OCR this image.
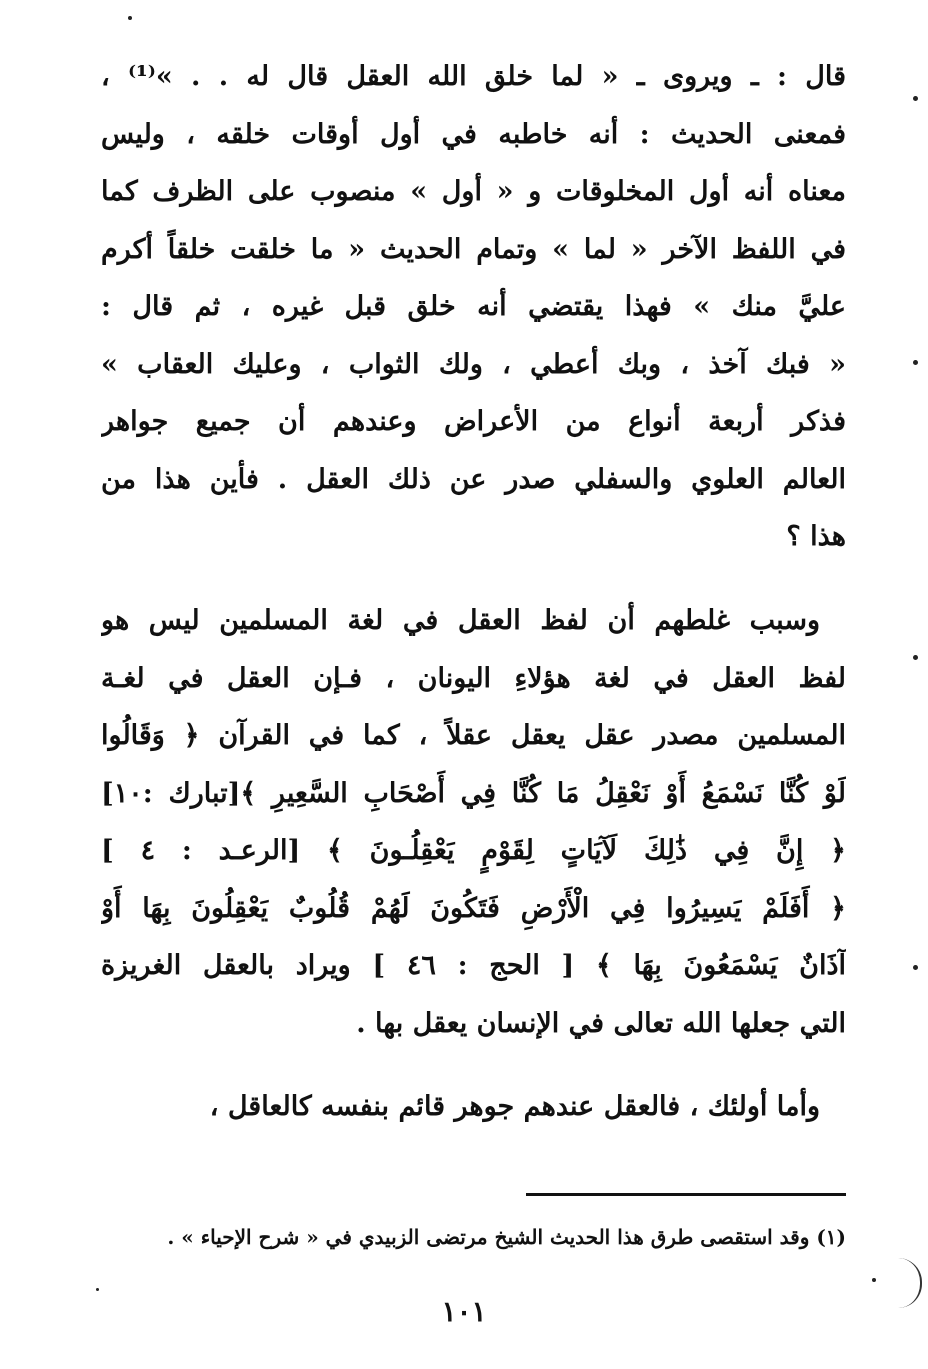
قال : ـ ويروى ـ « لما خلق الله العقل قال له . . »⁽¹⁾ ،
فمعنى الحديث : أنه خاطبه في أول أوقات خلقه ، وليس
معناه أنه أول المخلوقات و « أول » منصوب على الظرف كما
في اللفظ الآخر « لما » وتمام الحديث « ما خلقت خلقاً أكرم
عليَّ منك » فهذا يقتضي أنه خلق قبل غيره ، ثم قال :
« فبك آخذ ، وبك أعطي ، ولك الثواب ، وعليك العقاب »
فذكر أربعة أنواع من الأعراض وعندهم أن جميع جواهر
العالم العلوي والسفلي صدر عن ذلك العقل . فأين هذا من
هذا ؟
وسبب غلطهم أن لفظ العقل في لغة المسلمين ليس هو
لفظ العقل في لغة هؤلاءِ اليونان ، فـإن العقل في لغـة
المسلمين مصدر عقل يعقل عقلاً ، كما في القرآن ﴿ وَقَالُوا
لَوْ كُنَّا نَسْمَعُ أَوْ نَعْقِلُ مَا كُنَّا فِي أَصْحَابِ السَّعِيرِ ﴾[تبارك :١٠]
﴿ إِنَّ فِي ذَٰلِكَ لَآيَاتٍ لِقَوْمٍ يَعْقِلُـونَ ﴾ [الرعـد : ٤ ]
﴿ أَفَلَمْ يَسِيرُوا فِي الْأَرْضِ فَتَكُونَ لَهُمْ قُلُوبٌ يَعْقِلُونَ بِهَا أَوْ
آذَانٌ يَسْمَعُونَ بِهَا ﴾ [ الحج : ٤٦ ] ويراد بالعقل الغريزة
التي جعلها الله تعالى في الإنسان يعقل بها .
وأما أولئك ، فالعقل عندهم جوهر قائم بنفسه كالعاقل ،
(١) وقد استقصى طرق هذا الحديث الشيخ مرتضى الزبيدي في « شرح الإحياء » .
١٠١
